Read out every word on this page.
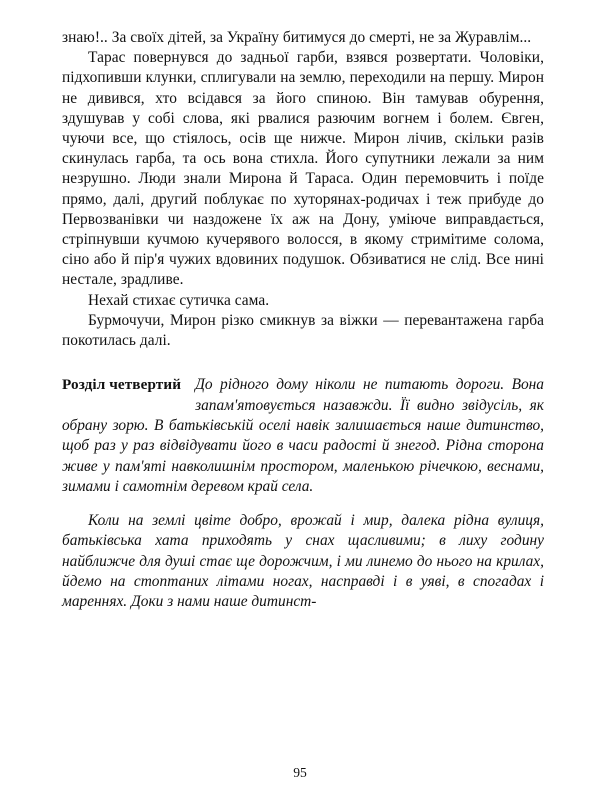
знаю!.. За своїх дітей, за Україну битимуся до смерті, не за Журавлім...

Тарас повернувся до задньої гарби, взявся розвертати. Чоловіки, підхопивши клунки, сплигували на землю, переходили на першу. Мирон не дивився, хто всідався за його спиною. Він тамував обурення, здушував у собі слова, які рвалися разючим вогнем і болем. Євген, чуючи все, що стіялось, осів ще нижче. Мирон лічив, скільки разів скинулась гарба, та ось вона стихла. Його супутники лежали за ним незрушно. Люди знали Мирона й Тараса. Один перемовчить і поїде прямо, далі, другий поблукає по хуторянах-родичах і теж прибуде до Первозванівки чи наздожене їх аж на Дону, уміюче виправдається, стріпнувши кучмою кучерявого волосся, в якому стримітиме солома, сіно або й пір'я чужих вдовиних подушок. Обзиватися не слід. Все нині нестале, зрадливе.

Нехай стихає сутичка сама.

Бурмочучи, Мирон різко смикнув за віжки — перевантажена гарба покотилась далі.

Розділ четвертий До рідного дому ніколи не питають дороги. Вона запам'ятовується назавжди. Її видно звідусіль, як обрану зорю. В батьківській оселі навік залишається наше дитинство, щоб раз у раз відвідувати його в часи радості й знегод. Рідна сторона живе у пам'яті навколишнім простором, маленькою річечкою, веснами, зимами і самотнім деревом край села.

Коли на землі цвіте добро, врожай і мир, далека рідна вулиця, батьківська хата приходять у снах щасливими; в лиху годину найближче для душі стає ще дорожчим, і ми линемо до нього на крилах, йдемо на стоптаних літами ногах, насправді і в уяві, в спогадах і мареннях. Доки з нами наше дитинст-

95
